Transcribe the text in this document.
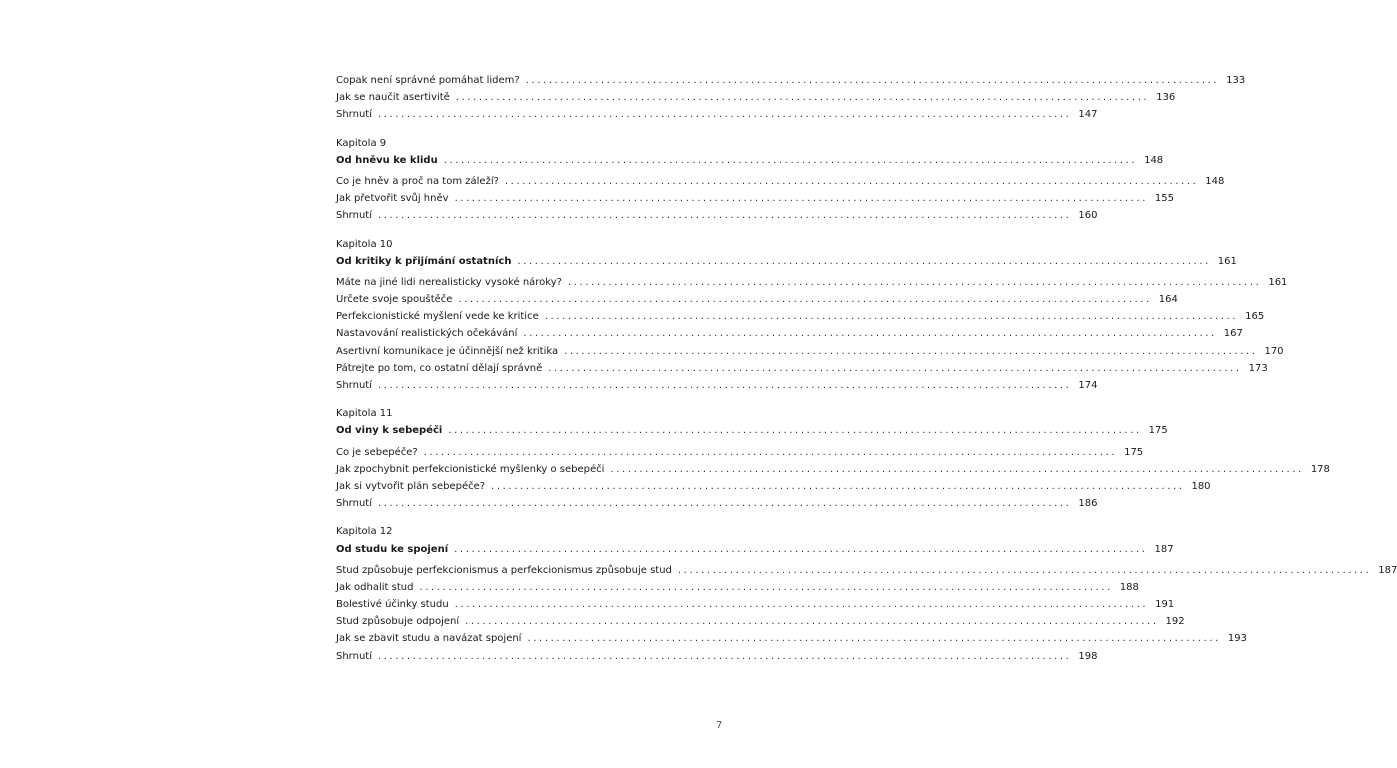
Copak není správné pomáhat lidem? ........................................................................................................................ 133
Jak se naučit asertivitě ........................................................................................................................ 136
Shrnutí ........................................................................................................................ 147
Kapitola 9
Od hněvu ke klidu ........................................................................................................................ 148
Co je hněv a proč na tom záleží? ........................................................................................................................ 148
Jak přetvořit svůj hněv ........................................................................................................................ 155
Shrnutí ........................................................................................................................ 160
Kapitola 10
Od kritiky k přijímání ostatních ........................................................................................................................ 161
Máte na jiné lidi nerealisticky vysoké nároky? ........................................................................................................................ 161
Určete svoje spouštěče ........................................................................................................................ 164
Perfekcionistické myšlení vede ke kritice ........................................................................................................................ 165
Nastavování realistických očekávání ........................................................................................................................ 167
Asertivní komunikace je účinnější než kritika ........................................................................................................................ 170
Pátrejte po tom, co ostatní dělají správně ........................................................................................................................ 173
Shrnutí ........................................................................................................................ 174
Kapitola 11
Od viny k sebepéči ........................................................................................................................ 175
Co je sebepéče? ........................................................................................................................ 175
Jak zpochybnit perfekcionistické myšlenky o sebepéči ........................................................................................................................ 178
Jak si vytvořit plán sebepéče? ........................................................................................................................ 180
Shrnutí ........................................................................................................................ 186
Kapitola 12
Od studu ke spojení ........................................................................................................................ 187
Stud způsobuje perfekcionismus a perfekcionismus způsobuje stud ........................................................................................................................ 187
Jak odhalit stud ........................................................................................................................ 188
Bolestivé účinky studu ........................................................................................................................ 191
Stud způsobuje odpojení ........................................................................................................................ 192
Jak se zbavit studu a navázat spojení ........................................................................................................................ 193
Shrnutí ........................................................................................................................ 198
7
